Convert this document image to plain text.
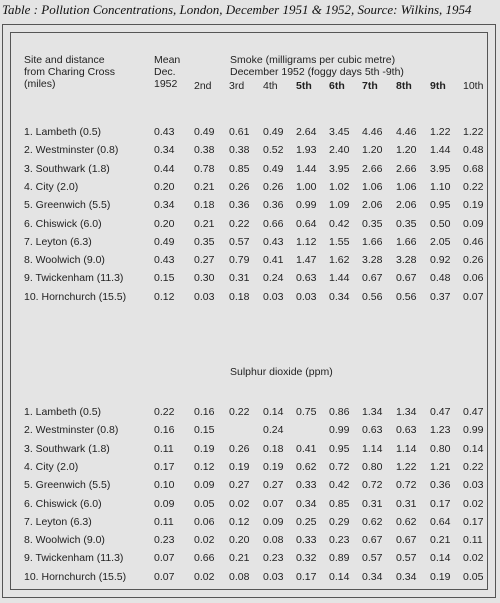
Table : Pollution Concentrations, London, December 1951 & 1952, Source: Wilkins, 1954
Site and distance
from Charing Cross
(miles)
Mean
Dec.
1952
Smoke (milligrams per cubic metre)
December 1952 (foggy days 5th -9th)
2nd 3rd 4th 5th 6th 7th 8th 9th 10th
1. Lambeth (0.5)	0.43 0.49 0.61 0.49 2.64 3.45 4.46 4.46 1.22 1.22
2. Westminster (0.8)	0.34 0.38 0.38 0.52 1.93 2.40 1.20 1.20 1.44 0.48
3. Southwark (1.8)	0.44 0.78 0.85 0.49 1.44 3.95 2.66 2.66 3.95 0.68
4. City (2.0)	0.20 0.21 0.26 0.26 1.00 1.02 1.06 1.06 1.10 0.22
5. Greenwich (5.5)	0.34 0.18 0.36 0.36 0.99 1.09 2.06 2.06 0.95 0.19
6. Chiswick (6.0)	0.20 0.21 0.22 0.66 0.64 0.42 0.35 0.35 0.50 0.09
7. Leyton (6.3)	0.49 0.35 0.57 0.43 1.12 1.55 1.66 1.66 2.05 0.46
8. Woolwich (9.0)	0.43 0.27 0.79 0.41 1.47 1.62 3.28 3.28 0.92 0.26
9. Twickenham (11.3)	0.15 0.30 0.31 0.24 0.63 1.44 0.67 0.67 0.48 0.06
10. Hornchurch (15.5)	0.12 0.03 0.18 0.03 0.03 0.34 0.56 0.56 0.37 0.07
Sulphur dioxide (ppm)
1. Lambeth (0.5)	0.22 0.16 0.22 0.14 0.75 0.86 1.34 1.34 0.47 0.47
2. Westminster (0.8)	0.16 0.15	0.24	0.99 0.63 0.63 1.23 0.99
3. Southwark (1.8)	0.11 0.19 0.26 0.18 0.41 0.95 1.14 1.14 0.80 0.14
4. City (2.0)	0.17 0.12 0.19 0.19 0.62 0.72 0.80 1.22 1.21 0.22
5. Greenwich (5.5)	0.10 0.09 0.27 0.27 0.33 0.42 0.72 0.72 0.36 0.03
6. Chiswick (6.0)	0.09 0.05 0.02 0.07 0.34 0.85 0.31 0.31 0.17 0.02
7. Leyton (6.3)	0.11 0.06 0.12 0.09 0.25 0.29 0.62 0.62 0.64 0.17
8. Woolwich (9.0)	0.23 0.02 0.20 0.08 0.33 0.23 0.67 0.67 0.21 0.11
9. Twickenham (11.3)	0.07 0.66 0.21 0.23 0.32 0.89 0.57 0.57 0.14 0.02
10. Hornchurch (15.5)	0.07 0.02 0.08 0.03 0.17 0.14 0.34 0.34 0.19 0.05
